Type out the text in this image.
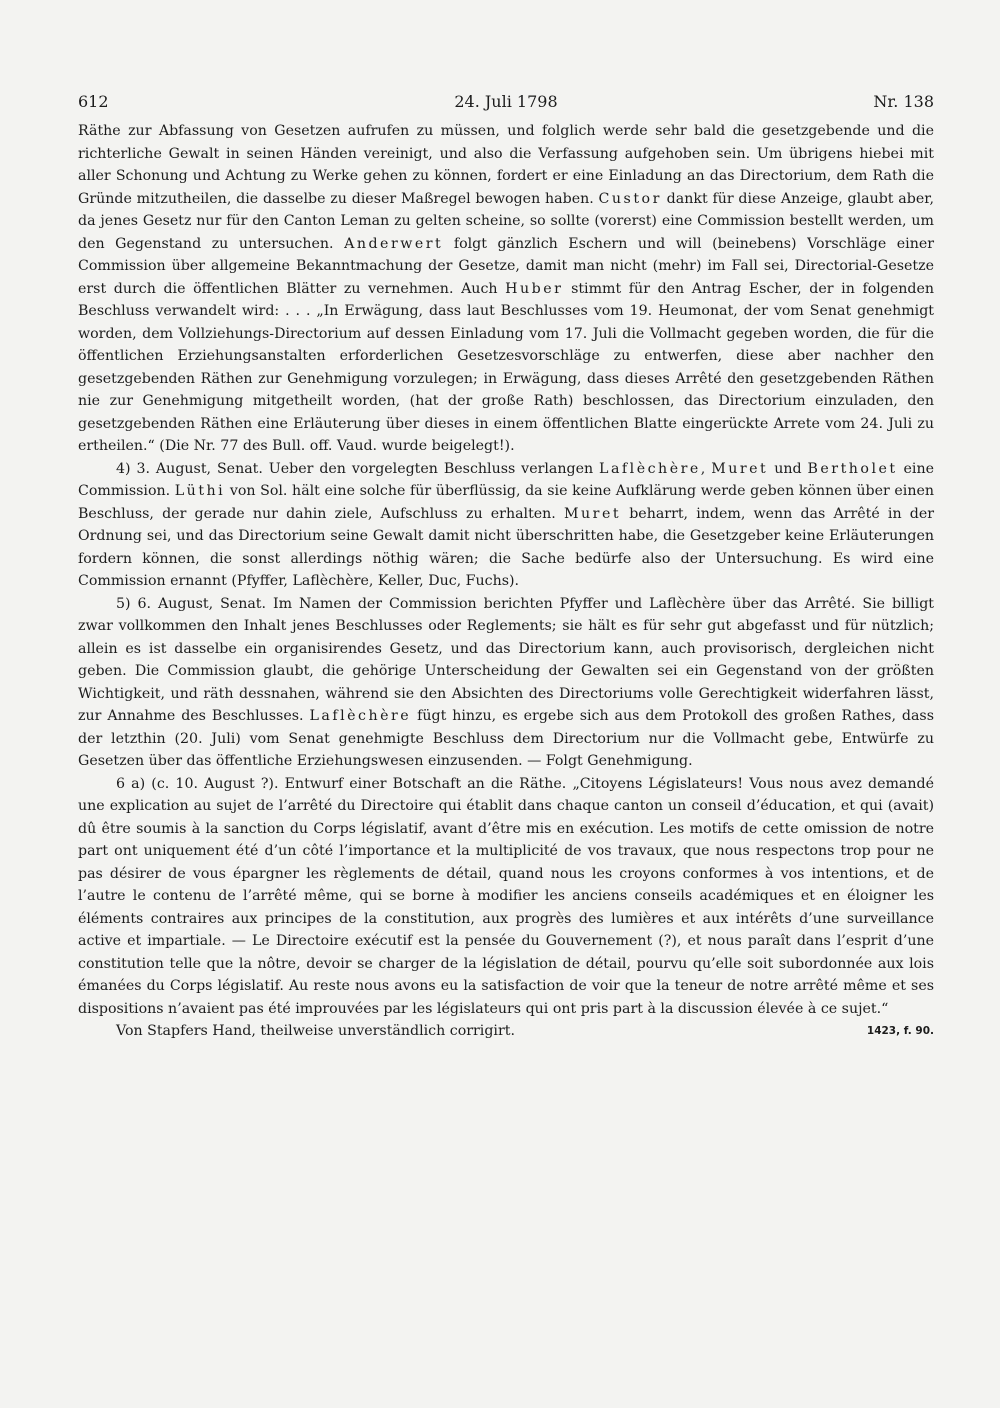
612	24. Juli 1798	Nr. 138

Räthe zur Abfassung von Gesetzen aufrufen zu müssen, und folglich werde sehr bald die gesetzgebende und die richterliche Gewalt in seinen Händen vereinigt, und also die Verfassung aufgehoben sein. Um übrigens hiebei mit aller Schonung und Achtung zu Werke gehen zu können, fordert er eine Einladung an das Directorium, dem Rath die Gründe mitzutheilen, die dasselbe zu dieser Maßregel bewogen haben. Custor dankt für diese Anzeige, glaubt aber, da jenes Gesetz nur für den Canton Leman zu gelten scheine, so sollte (vorerst) eine Commission bestellt werden, um den Gegenstand zu untersuchen. Anderwert folgt gänzlich Eschern und will (beinebens) Vorschläge einer Commission über allgemeine Bekanntmachung der Gesetze, damit man nicht (mehr) im Fall sei, Directorial-Gesetze erst durch die öffentlichen Blätter zu vernehmen. Auch Huber stimmt für den Antrag Escher, der in folgenden Beschluss verwandelt wird: . . . „In Erwägung, dass laut Beschlusses vom 19. Heumonat, der vom Senat genehmigt worden, dem Vollziehungs-Directorium auf dessen Einladung vom 17. Juli die Vollmacht gegeben worden, die für die öffentlichen Erziehungsanstalten erforderlichen Gesetzesvorschläge zu entwerfen, diese aber nachher den gesetzgebenden Räthen zur Genehmigung vorzulegen; in Erwägung, dass dieses Arrêté den gesetzgebenden Räthen nie zur Genehmigung mitgetheilt worden, (hat der große Rath) beschlossen, das Directorium einzuladen, den gesetzgebenden Räthen eine Erläuterung über dieses in einem öffentlichen Blatte eingerückte Arrete vom 24. Juli zu ertheilen.“ (Die Nr. 77 des Bull. off. Vaud. wurde beigelegt!).

4) 3. August, Senat. Ueber den vorgelegten Beschluss verlangen Laflèchère, Muret und Bertholet eine Commission. Lüthi von Sol. hält eine solche für überflüssig, da sie keine Aufklärung werde geben können über einen Beschluss, der gerade nur dahin ziele, Aufschluss zu erhalten. Muret beharrt, indem, wenn das Arrêté in der Ordnung sei, und das Directorium seine Gewalt damit nicht überschritten habe, die Gesetzgeber keine Erläuterungen fordern können, die sonst allerdings nöthig wären; die Sache bedürfe also der Untersuchung. Es wird eine Commission ernannt (Pfyffer, Laflèchère, Keller, Duc, Fuchs).

5) 6. August, Senat. Im Namen der Commission berichten Pfyffer und Laflèchère über das Arrêté. Sie billigt zwar vollkommen den Inhalt jenes Beschlusses oder Reglements; sie hält es für sehr gut abgefasst und für nützlich; allein es ist dasselbe ein organisirendes Gesetz, und das Directorium kann, auch provisorisch, dergleichen nicht geben. Die Commission glaubt, die gehörige Unterscheidung der Gewalten sei ein Gegenstand von der größten Wichtigkeit, und räth dessnahen, während sie den Absichten des Directoriums volle Gerechtigkeit widerfahren lässt, zur Annahme des Beschlusses. Laflèchère fügt hinzu, es ergebe sich aus dem Protokoll des großen Rathes, dass der letzthin (20. Juli) vom Senat genehmigte Beschluss dem Directorium nur die Vollmacht gebe, Entwürfe zu Gesetzen über das öffentliche Erziehungswesen einzusenden. — Folgt Genehmigung.

6 a) (c. 10. August ?). Entwurf einer Botschaft an die Räthe. „Citoyens Législateurs! Vous nous avez demandé une explication au sujet de l’arrêté du Directoire qui établit dans chaque canton un conseil d’éducation, et qui (avait) dû être soumis à la sanction du Corps législatif, avant d’être mis en exécution. Les motifs de cette omission de notre part ont uniquement été d’un côté l’importance et la multiplicité de vos travaux, que nous respectons trop pour ne pas désirer de vous épargner les règlements de détail, quand nous les croyons conformes à vos intentions, et de l’autre le contenu de l’arrêté même, qui se borne à modifier les anciens conseils académiques et en éloigner les éléments contraires aux principes de la constitution, aux progrès des lumières et aux intérêts d’une surveillance active et impartiale. — Le Directoire exécutif est la pensée du Gouvernement (?), et nous paraît dans l’esprit d’une constitution telle que la nôtre, devoir se charger de la législation de détail, pourvu qu’elle soit subordonnée aux lois émanées du Corps législatif. Au reste nous avons eu la satisfaction de voir que la teneur de notre arrêté même et ses dispositions n’avaient pas été improuvées par les législateurs qui ont pris part à la discussion élevée à ce sujet.“

Von Stapfers Hand, theilweise unverständlich corrigirt.	1423, f. 90.
